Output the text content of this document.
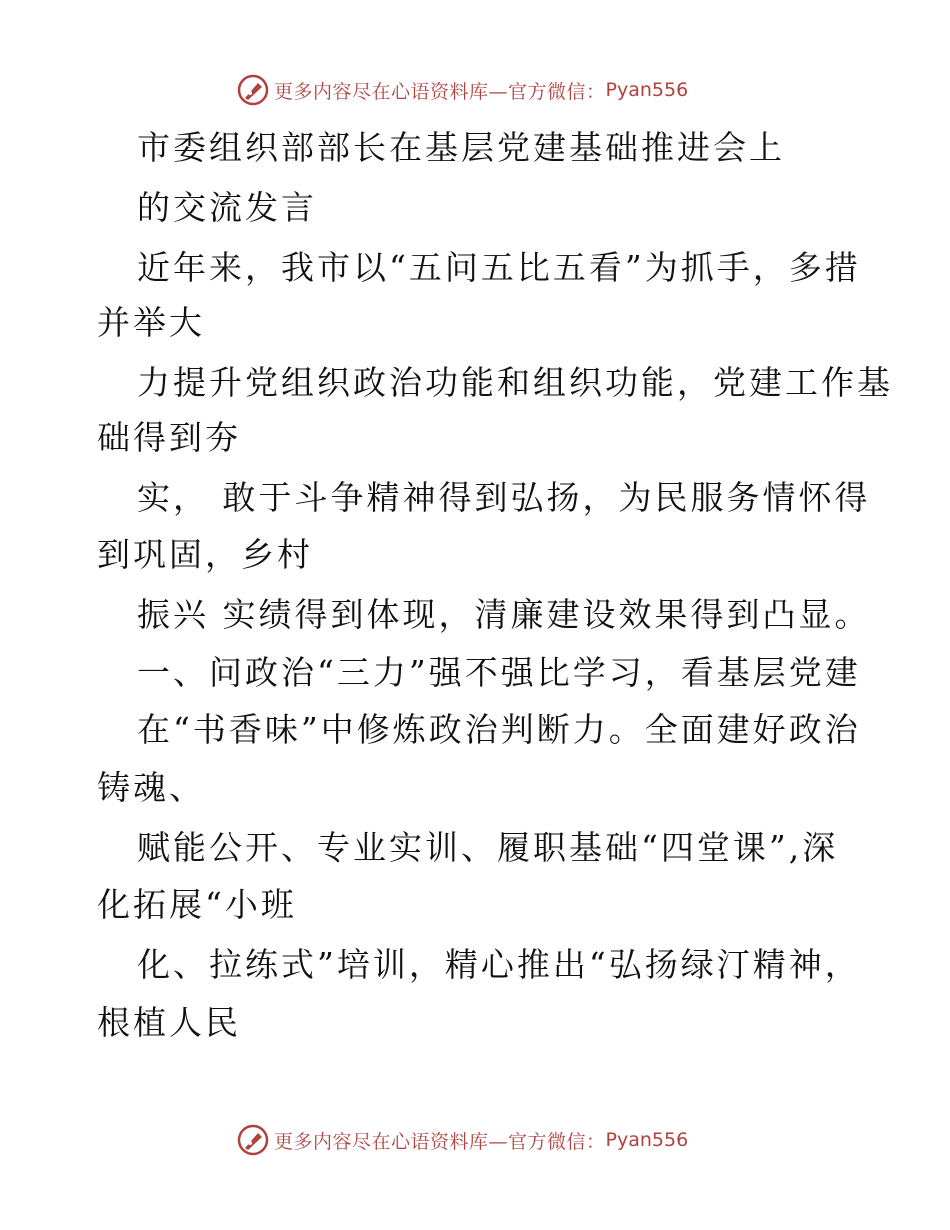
更多内容尽在心语资料库—官方微信： Pyan556
市委组织部部长在基层党建基础推进会上
的交流发言
近年来，我市以“五问五比五看”为抓手，多措
并举大
力提升党组织政治功能和组织功能，党建工作基
础得到夯
实， 敢于斗争精神得到弘扬，为民服务情怀得
到巩固，乡村
振兴 实绩得到体现，清廉建设效果得到凸显。
一、问政治“三力”强不强比学习，看基层党建
在“书香味”中修炼政治判断力。全面建好政治
铸魂、
赋能公开、专业实训、履职基础“四堂课”,深
化拓展“小班
化、拉练式”培训，精心推出“弘扬绿汀精神，
根植人民
更多内容尽在心语资料库—官方微信： Pyan556
